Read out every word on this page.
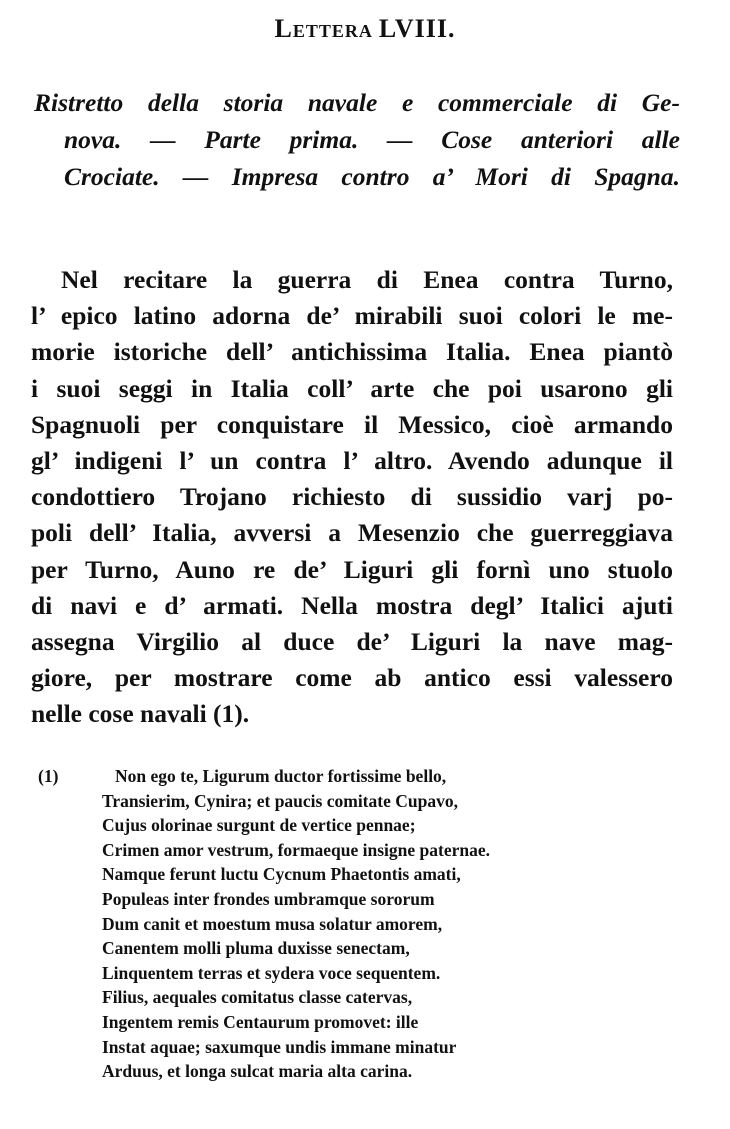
Lettera LVIII.
Ristretto della storia navale e commerciale di Ge-
nova. — Parte prima. — Cose anteriori alle
Crociate. — Impresa contro a’ Mori di Spagna.
Nel recitare la guerra di Enea contra Turno,
l’ epico latino adorna de’ mirabili suoi colori le me-
morie istoriche dell’ antichissima Italia. Enea piantò
i suoi seggi in Italia coll’ arte che poi usarono gli
Spagnuoli per conquistare il Messico, cioè armando
gl’ indigeni l’ un contra l’ altro. Avendo adunque il
condottiero Trojano richiesto di sussidio varj po-
poli dell’ Italia, avversi a Mesenzio che guerreggiava
per Turno, Auno re de’ Liguri gli fornì uno stuolo
di navi e d’ armati. Nella mostra degl’ Italici ajuti
assegna Virgilio al duce de’ Liguri la nave mag-
giore, per mostrare come ab antico essi valessero
nelle cose navali (1).
(1)	Non ego te, Ligurum ductor fortissime bello,
Transierim, Cynira; et paucis comitate Cupavo,
Cujus olorinae surgunt de vertice pennae;
Crimen amor vestrum, formaeque insigne paternae.
Namque ferunt luctu Cycnum Phaetontis amati,
Populeas inter frondes umbramque sororum
Dum canit et moestum musa solatur amorem,
Canentem molli pluma duxisse senectam,
Linquentem terras et sydera voce sequentem.
Filius, aequales comitatus classe catervas,
Ingentem remis Centaurum promovet: ille
Instat aquae; saxumque undis immane minatur
Arduus, et longa sulcat maria alta carina.
